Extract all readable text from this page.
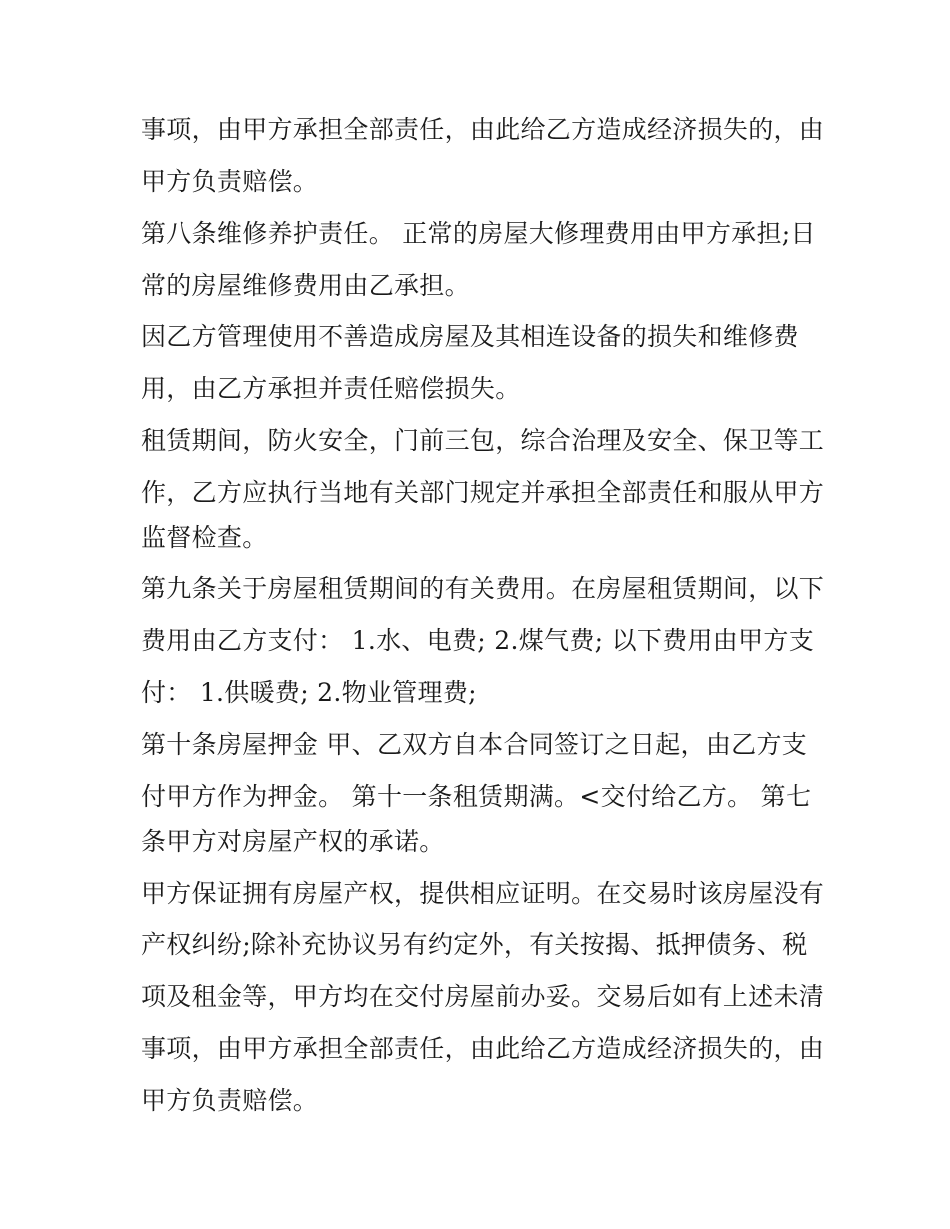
事项，由甲方承担全部责任，由此给乙方造成经济损失的，由
甲方负责赔偿。
第八条维修养护责任。 正常的房屋大修理费用由甲方承担;日
常的房屋维修费用由乙承担。
因乙方管理使用不善造成房屋及其相连设备的损失和维修费
用，由乙方承担并责任赔偿损失。
租赁期间，防火安全，门前三包，综合治理及安全、保卫等工
作，乙方应执行当地有关部门规定并承担全部责任和服从甲方
监督检查。
第九条关于房屋租赁期间的有关费用。在房屋租赁期间，以下
费用由乙方支付： 1.水、电费; 2.煤气费; 以下费用由甲方支
付： 1.供暖费; 2.物业管理费;
第十条房屋押金 甲、乙双方自本合同签订之日起，由乙方支
付甲方作为押金。 第十一条租赁期满。<交付给乙方。 第七
条甲方对房屋产权的承诺。
甲方保证拥有房屋产权，提供相应证明。在交易时该房屋没有
产权纠纷;除补充协议另有约定外，有关按揭、抵押债务、税
项及租金等，甲方均在交付房屋前办妥。交易后如有上述未清
事项，由甲方承担全部责任，由此给乙方造成经济损失的，由
甲方负责赔偿。
